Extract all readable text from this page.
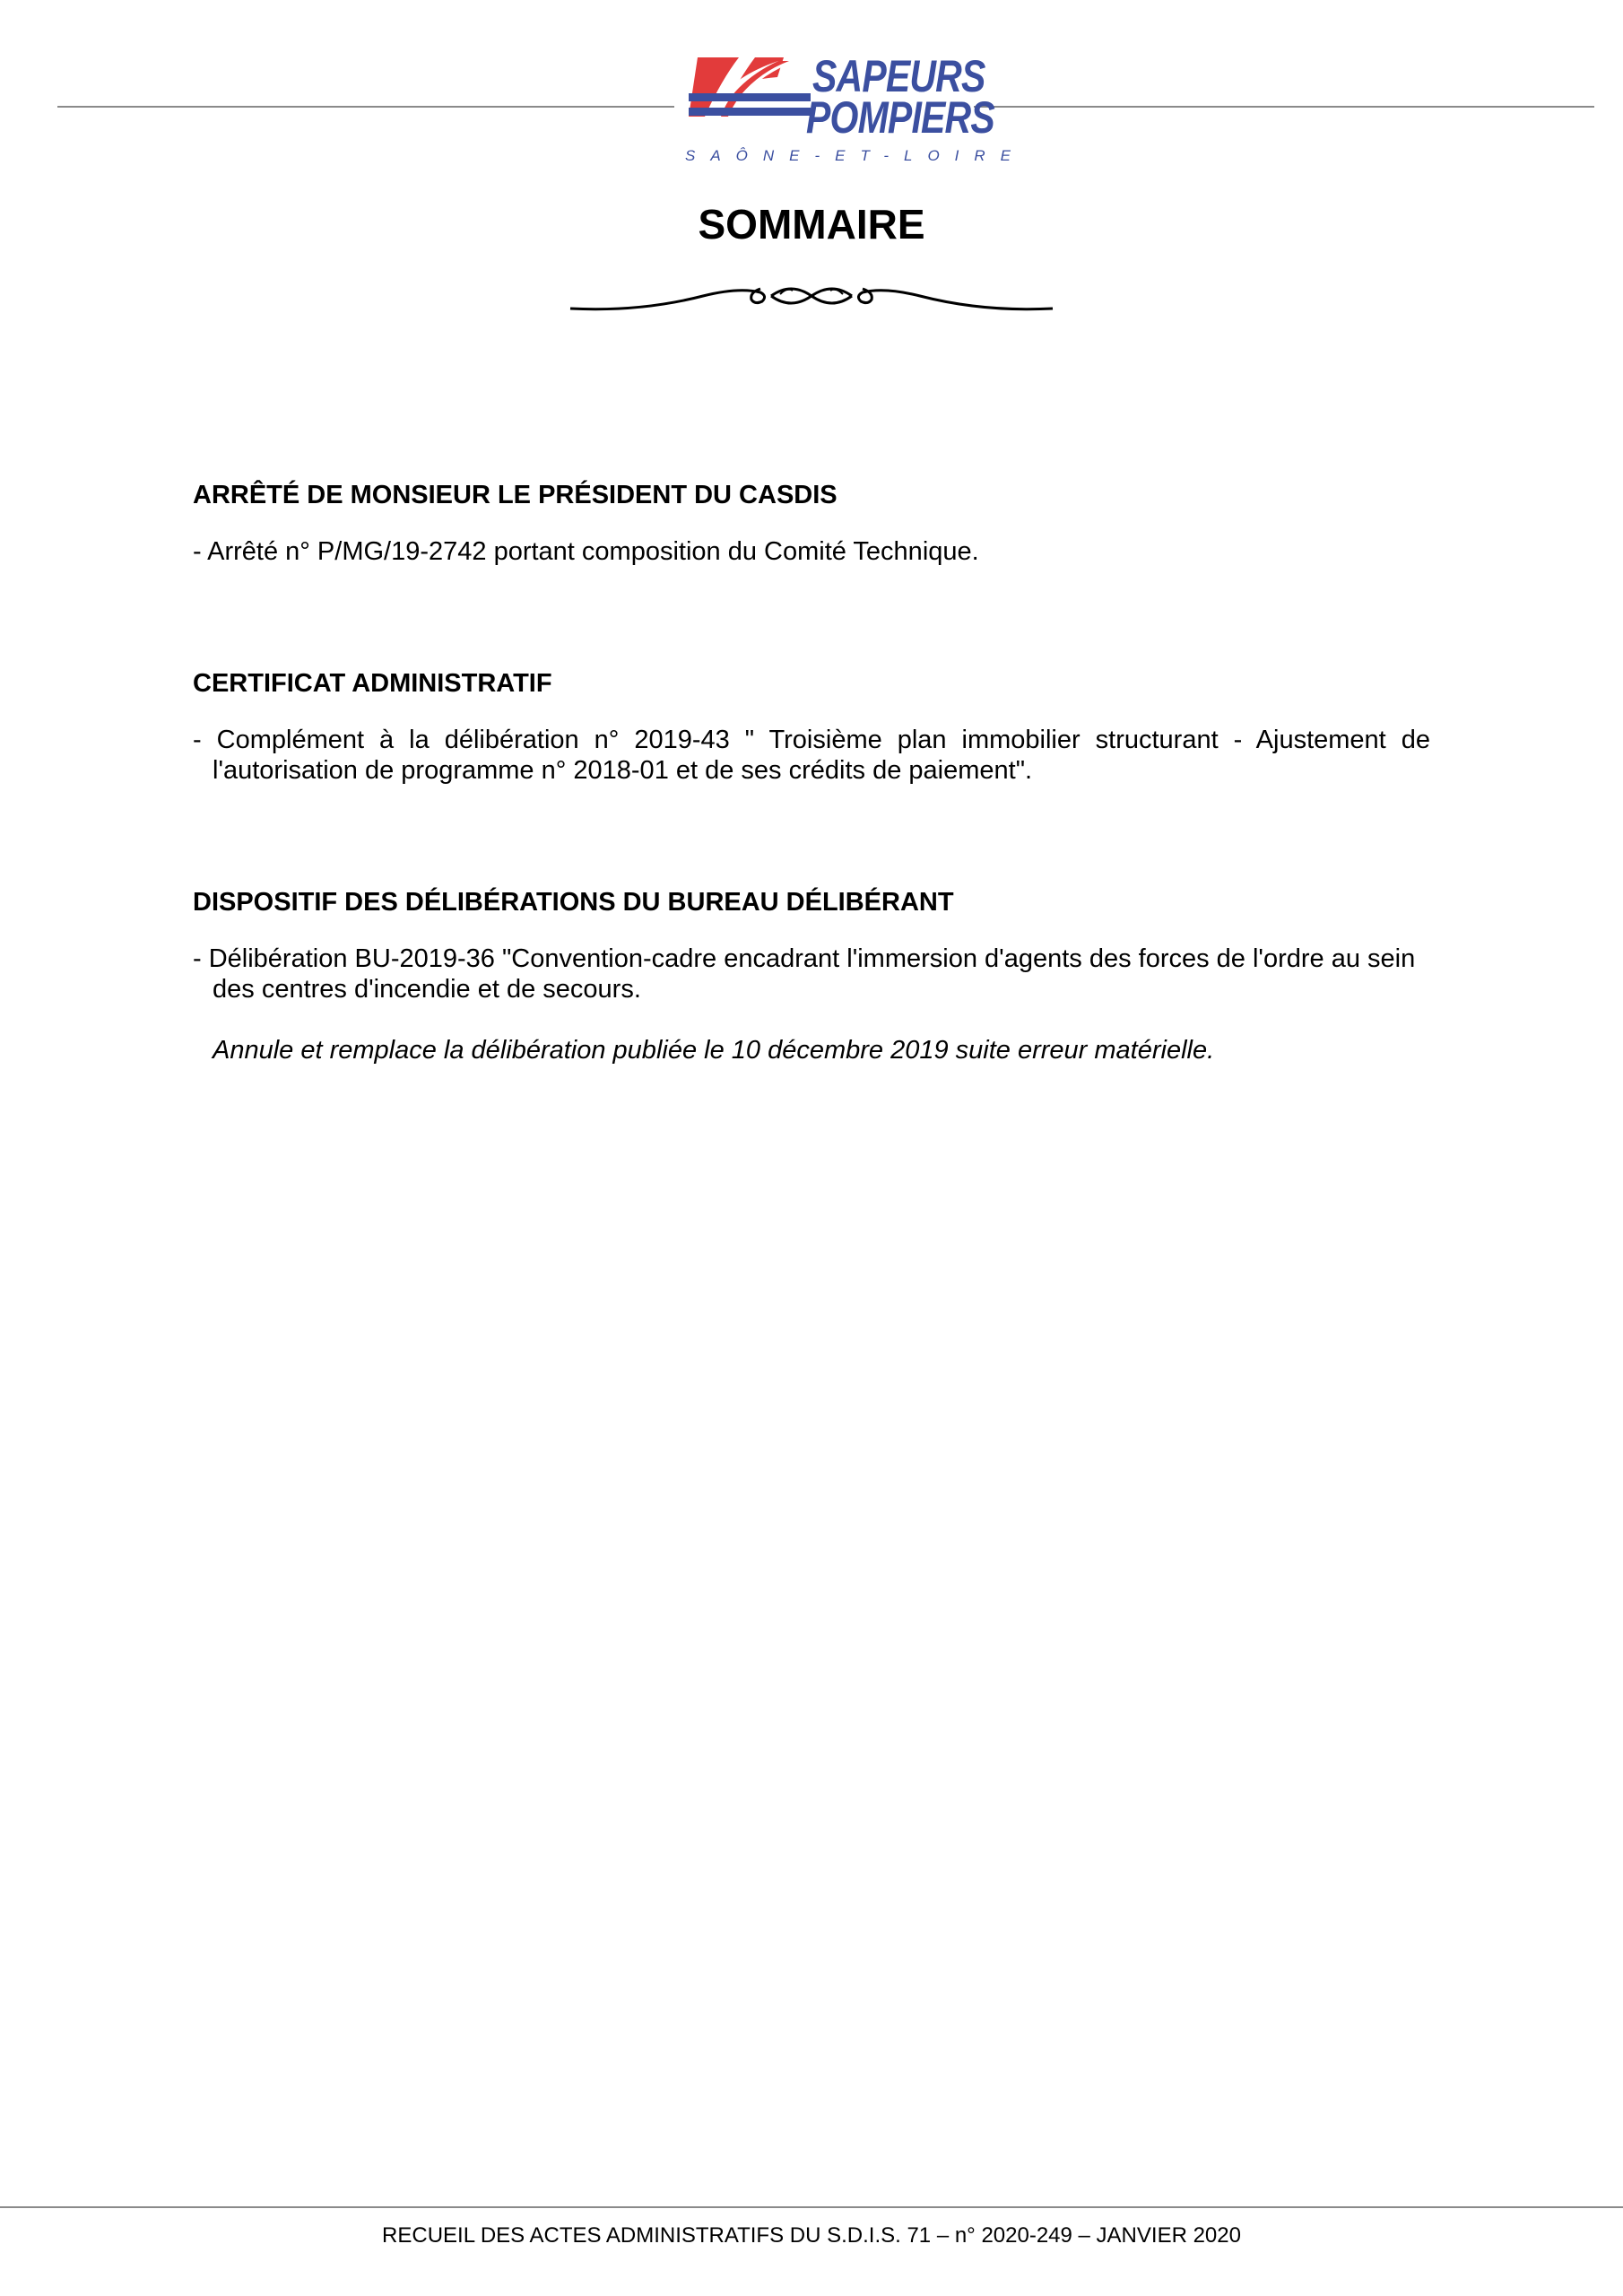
SAPEURS
POMPIERS
SAÔNE-ET-LOIRE
SOMMAIRE

ARRÊTÉ DE MONSIEUR LE PRÉSIDENT DU CASDIS

- Arrêté n° P/MG/19-2742 portant composition du Comité Technique.

CERTIFICAT ADMINISTRATIF

- Complément à la délibération n° 2019-43 " Troisième plan immobilier structurant - Ajustement de l'autorisation de programme n° 2018-01 et de ses crédits de paiement".

DISPOSITIF DES DÉLIBÉRATIONS DU BUREAU DÉLIBÉRANT

- Délibération BU-2019-36 "Convention-cadre encadrant l'immersion d'agents des forces de l'ordre au sein des centres d'incendie et de secours.

Annule et remplace la délibération publiée le 10 décembre 2019 suite erreur matérielle.

RECUEIL DES ACTES ADMINISTRATIFS DU S.D.I.S. 71 – n° 2020-249 – JANVIER 2020
